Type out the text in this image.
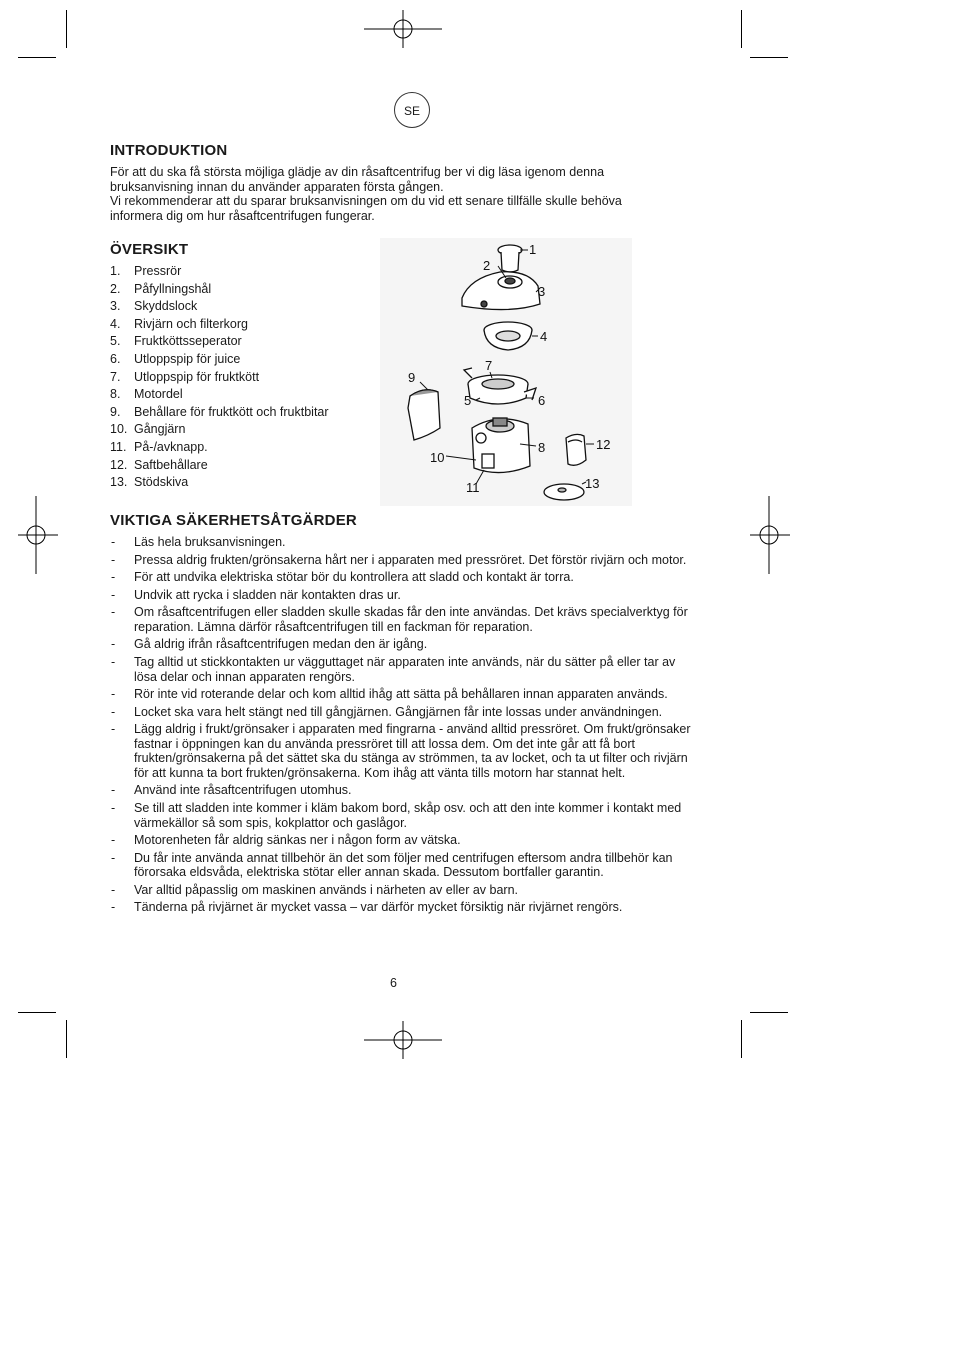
SE
INTRODUKTION

För att du ska få största möjliga glädje av din råsaftcentrifug ber vi dig läsa igenom denna bruksanvisning innan du använder apparaten första gången.

Vi rekommenderar att du sparar bruksanvisningen om du vid ett senare tillfälle skulle behöva informera dig om hur råsaftcentrifugen fungerar.

ÖVERSIKT
1. Pressrör
2. Påfyllningshål
3. Skyddslock
4. Rivjärn och filterkorg
5. Fruktköttsseperator
6. Utloppspip för juice
7. Utloppspip för fruktkött
8. Motordel
9. Behållare för fruktkött och fruktbitar
10. Gångjärn
11. På-/avknapp.
12. Saftbehållare
13. Stödskiva
1
2
3
4
7
9
5	6
8	12
10
11	13
VIKTIGA SÄKERHETSÅTGÄRDER
- Läs hela bruksanvisningen.
- Pressa aldrig frukten/grönsakerna hårt ner i apparaten med pressröret. Det förstör rivjärn och motor.
- För att undvika elektriska stötar bör du kontrollera att sladd och kontakt är torra.
- Undvik att rycka i sladden när kontakten dras ur.
- Om råsaftcentrifugen eller sladden skulle skadas får den inte användas. Det krävs specialverktyg för reparation. Lämna därför råsaftcentrifugen till en fackman för reparation.
- Gå aldrig ifrån råsaftcentrifugen medan den är igång.
- Tag alltid ut stickkontakten ur vägguttaget när apparaten inte används, när du sätter på eller tar av lösa delar och innan apparaten rengörs.
- Rör inte vid roterande delar och kom alltid ihåg att sätta på behållaren innan apparaten används.
- Locket ska vara helt stängt ned till gångjärnen. Gångjärnen får inte lossas under användningen.
- Lägg aldrig i frukt/grönsaker i apparaten med fingrarna - använd alltid pressröret. Om frukt/grönsaker fastnar i öppningen kan du använda pressröret till att lossa dem. Om det inte går att få bort frukten/grönsakerna på det sättet ska du stänga av strömmen, ta av locket, och ta ut filter och rivjärn för att kunna ta bort frukten/grönsakerna. Kom ihåg att vänta tills motorn har stannat helt.
- Använd inte råsaftcentrifugen utomhus.
- Se till att sladden inte kommer i kläm bakom bord, skåp osv. och att den inte kommer i kontakt med värmekällor så som spis, kokplattor och gaslågor.
- Motorenheten får aldrig sänkas ner i någon form av vätska.
- Du får inte använda annat tillbehör än det som följer med centrifugen eftersom andra tillbehör kan förorsaka eldsvåda, elektriska stötar eller annan skada. Dessutom bortfaller garantin.
- Var alltid påpasslig om maskinen används i närheten av eller av barn.
- Tänderna på rivjärnet är mycket vassa – var därför mycket försiktig när rivjärnet rengörs.
6
